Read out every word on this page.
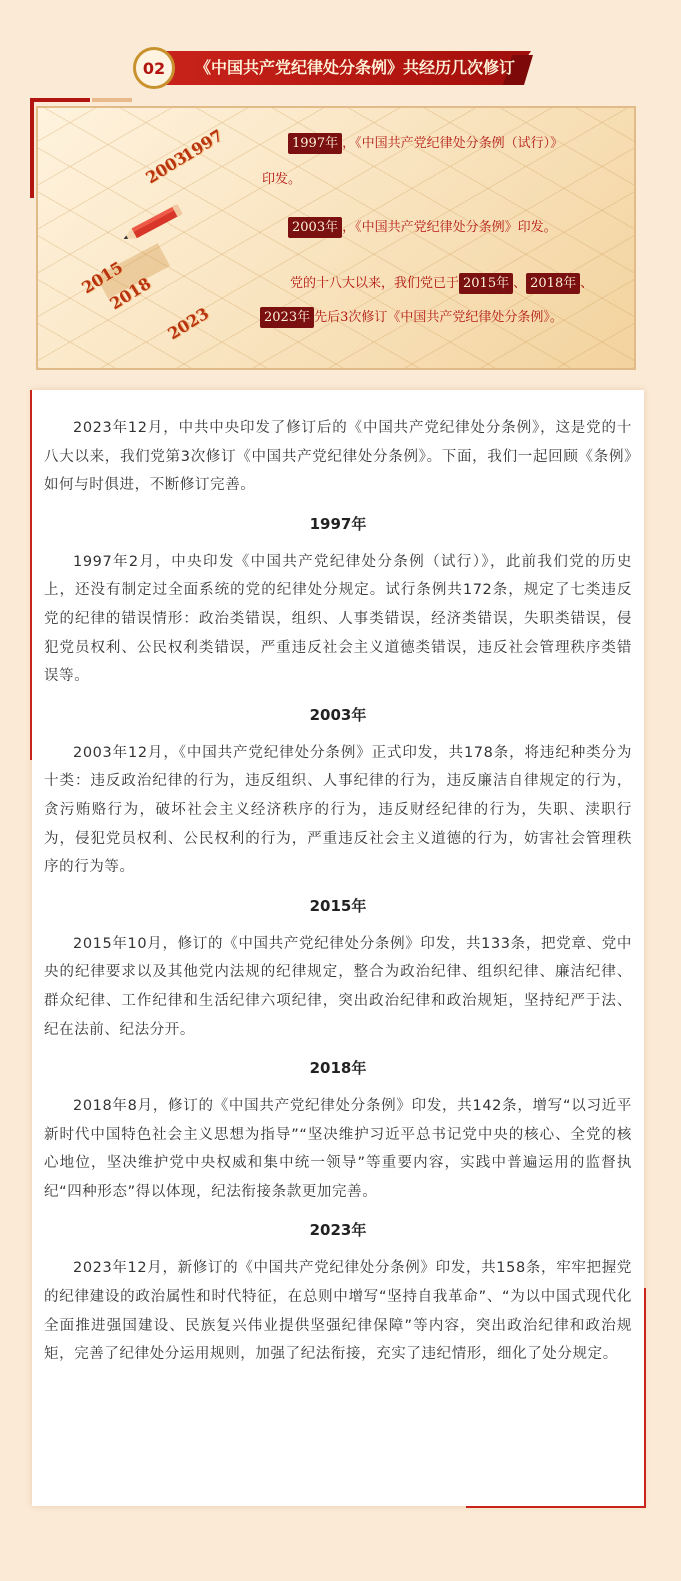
02	《中国共产党纪律处分条例》共经历几次修订
1997
2003
2015
2018
2023
1997年 ，《中国共产党纪律处分条例（试行）》
印发。
2003年 ，《中国共产党纪律处分条例》印发。
党的十八大以来，我们党已于 2015年 、 2018年 、
2023年 先后3次修订《中国共产党纪律处分条例》。

2023年12月，中共中央印发了修订后的《中国共产党纪律处分条例》，这是党的十八大以来，我们党第3次修订《中国共产党纪律处分条例》。下面，我们一起回顾《条例》如何与时俱进，不断修订完善。

1997年

1997年2月，中央印发《中国共产党纪律处分条例（试行）》，此前我们党的历史上，还没有制定过全面系统的党的纪律处分规定。试行条例共172条，规定了七类违反党的纪律的错误情形：政治类错误，组织、人事类错误，经济类错误，失职类错误，侵犯党员权利、公民权利类错误，严重违反社会主义道德类错误，违反社会管理秩序类错误等。

2003年

2003年12月，《中国共产党纪律处分条例》正式印发，共178条，将违纪种类分为十类：违反政治纪律的行为，违反组织、人事纪律的行为，违反廉洁自律规定的行为，贪污贿赂行为，破坏社会主义经济秩序的行为，违反财经纪律的行为，失职、渎职行为，侵犯党员权利、公民权利的行为，严重违反社会主义道德的行为，妨害社会管理秩序的行为等。

2015年

2015年10月，修订的《中国共产党纪律处分条例》印发，共133条，把党章、党中央的纪律要求以及其他党内法规的纪律规定，整合为政治纪律、组织纪律、廉洁纪律、群众纪律、工作纪律和生活纪律六项纪律，突出政治纪律和政治规矩，坚持纪严于法、纪在法前、纪法分开。

2018年

2018年8月，修订的《中国共产党纪律处分条例》印发，共142条，增写“以习近平新时代中国特色社会主义思想为指导”“坚决维护习近平总书记党中央的核心、全党的核心地位，坚决维护党中央权威和集中统一领导”等重要内容，实践中普遍运用的监督执纪“四种形态”得以体现，纪法衔接条款更加完善。

2023年

2023年12月，新修订的《中国共产党纪律处分条例》印发，共158条，牢牢把握党的纪律建设的政治属性和时代特征，在总则中增写“坚持自我革命”、“为以中国式现代化全面推进强国建设、民族复兴伟业提供坚强纪律保障”等内容，突出政治纪律和政治规矩，完善了纪律处分运用规则，加强了纪法衔接，充实了违纪情形，细化了处分规定。
